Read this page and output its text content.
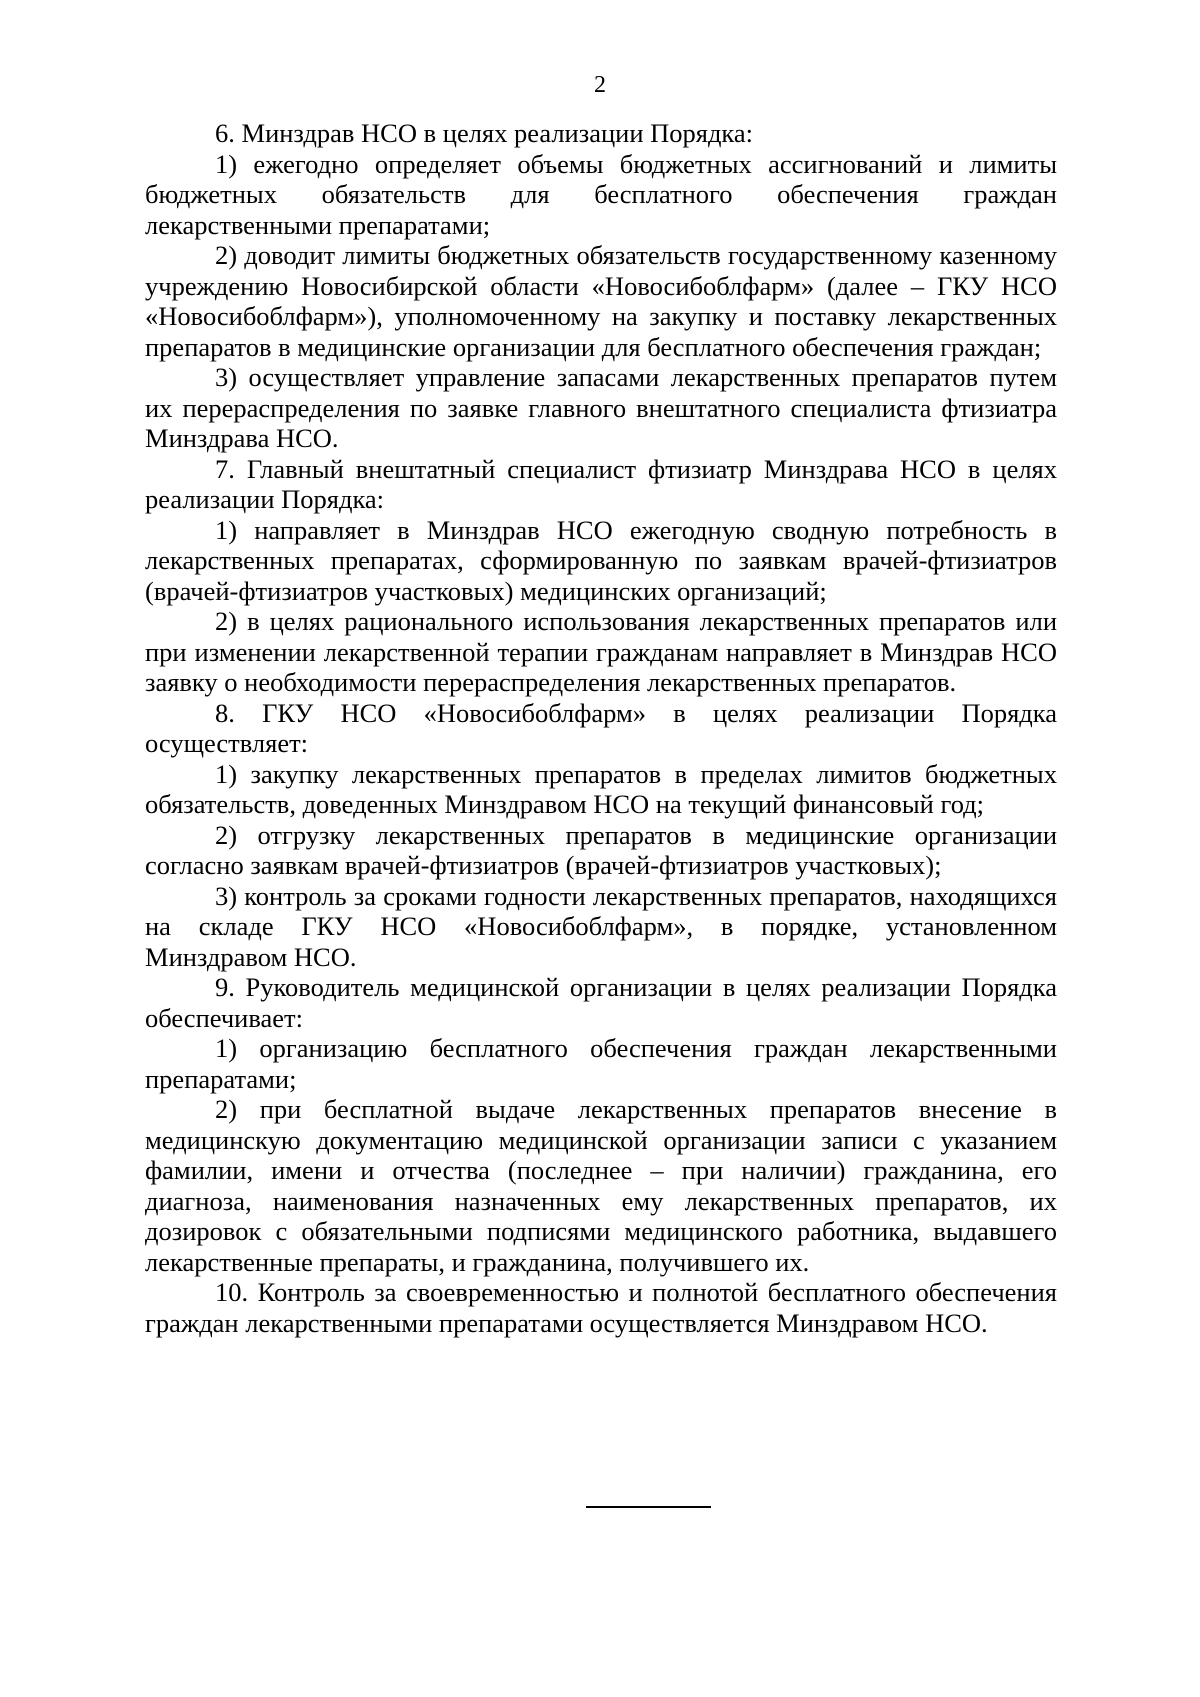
2

6. Минздрав НСО в целях реализации Порядка:

1) ежегодно определяет объемы бюджетных ассигнований и лимиты бюджетных обязательств для бесплатного обеспечения граждан лекарственными препаратами;

2) доводит лимиты бюджетных обязательств государственному казенному учреждению Новосибирской области «Новосибоблфарм» (далее – ГКУ НСО «Новосибоблфарм»), уполномоченному на закупку и поставку лекарственных препаратов в медицинские организации для бесплатного обеспечения граждан;

3) осуществляет управление запасами лекарственных препаратов путем их перераспределения по заявке главного внештатного специалиста фтизиатра Минздрава НСО.

7. Главный внештатный специалист фтизиатр Минздрава НСО в целях реализации Порядка:

1) направляет в Минздрав НСО ежегодную сводную потребность в лекарственных препаратах, сформированную по заявкам врачей-фтизиатров (врачей-фтизиатров участковых) медицинских организаций;

2) в целях рационального использования лекарственных препаратов или при изменении лекарственной терапии гражданам направляет в Минздрав НСО заявку о необходимости перераспределения лекарственных препаратов.

8. ГКУ НСО «Новосибоблфарм» в целях реализации Порядка осуществляет:

1) закупку лекарственных препаратов в пределах лимитов бюджетных обязательств, доведенных Минздравом НСО на текущий финансовый год;

2) отгрузку лекарственных препаратов в медицинские организации согласно заявкам врачей-фтизиатров (врачей-фтизиатров участковых);

3) контроль за сроками годности лекарственных препаратов, находящихся на складе ГКУ НСО «Новосибоблфарм», в порядке, установленном Минздравом НСО.

9. Руководитель медицинской организации в целях реализации Порядка обеспечивает:

1) организацию бесплатного обеспечения граждан лекарственными препаратами;

2) при бесплатной выдаче лекарственных препаратов внесение в медицинскую документацию медицинской организации записи с указанием фамилии, имени и отчества (последнее – при наличии) гражданина, его диагноза, наименования назначенных ему лекарственных препаратов, их дозировок с обязательными подписями медицинского работника, выдавшего лекарственные препараты, и гражданина, получившего их.

10. Контроль за своевременностью и полнотой бесплатного обеспечения граждан лекарственными препаратами осуществляется Минздравом НСО.
